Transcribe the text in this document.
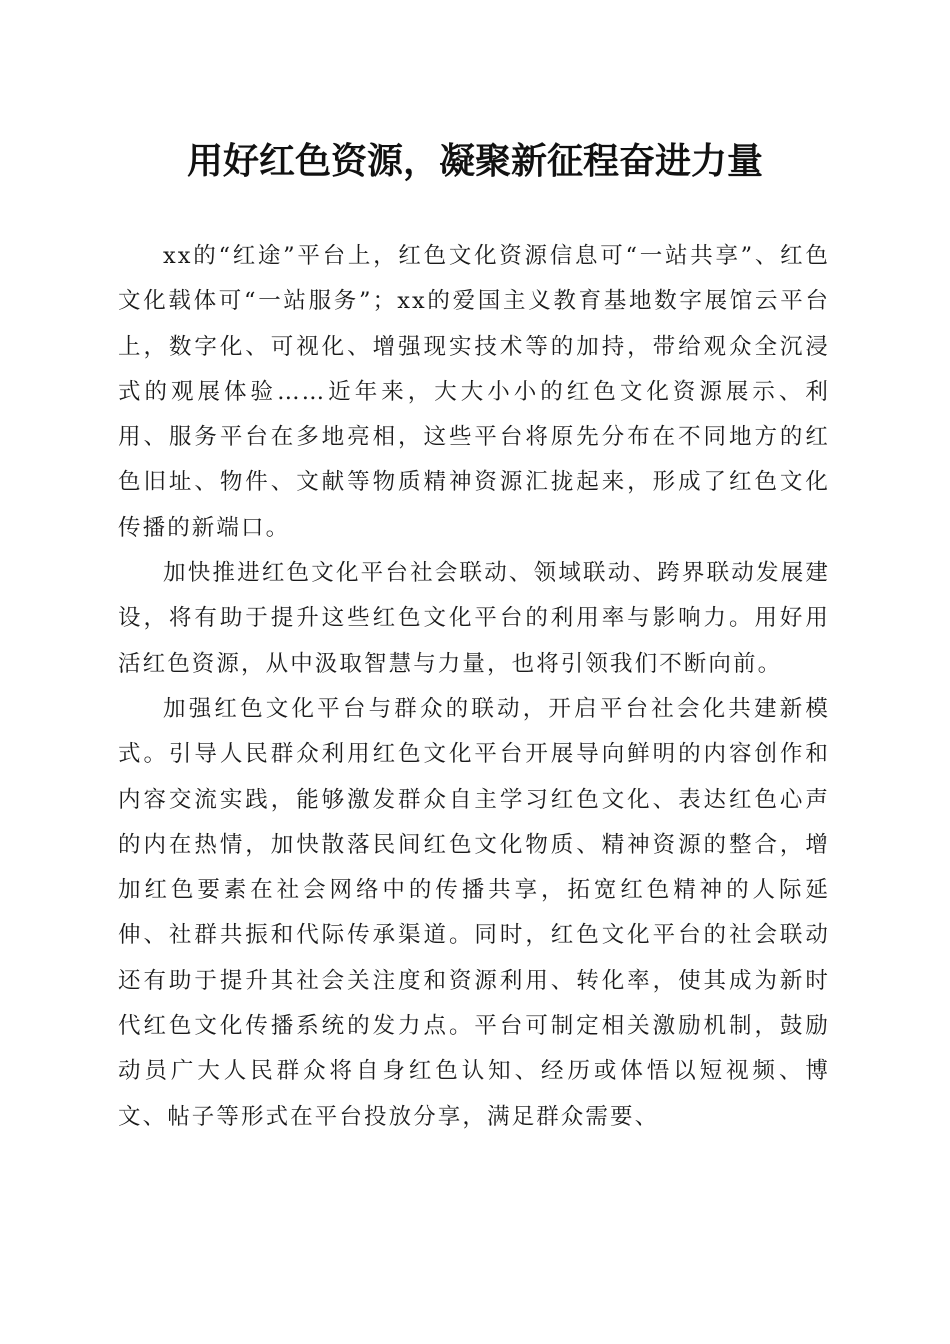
用好红色资源，凝聚新征程奋进力量

xx的“红途”平台上，红色文化资源信息可“一站共享”、红色文化载体可“一站服务”；xx的爱国主义教育基地数字展馆云平台上，数字化、可视化、增强现实技术等的加持，带给观众全沉浸式的观展体验……近年来，大大小小的红色文化资源展示、利用、服务平台在多地亮相，这些平台将原先分布在不同地方的红色旧址、物件、文献等物质精神资源汇拢起来，形成了红色文化传播的新端口。

加快推进红色文化平台社会联动、领域联动、跨界联动发展建设，将有助于提升这些红色文化平台的利用率与影响力。用好用活红色资源，从中汲取智慧与力量，也将引领我们不断向前。

加强红色文化平台与群众的联动，开启平台社会化共建新模式。引导人民群众利用红色文化平台开展导向鲜明的内容创作和内容交流实践，能够激发群众自主学习红色文化、表达红色心声的内在热情，加快散落民间红色文化物质、精神资源的整合，增加红色要素在社会网络中的传播共享，拓宽红色精神的人际延伸、社群共振和代际传承渠道。同时，红色文化平台的社会联动还有助于提升其社会关注度和资源利用、转化率，使其成为新时代红色文化传播系统的发力点。平台可制定相关激励机制，鼓励动员广大人民群众将自身红色认知、经历或体悟以短视频、博文、帖子等形式在平台投放分享，满足群众需要、
